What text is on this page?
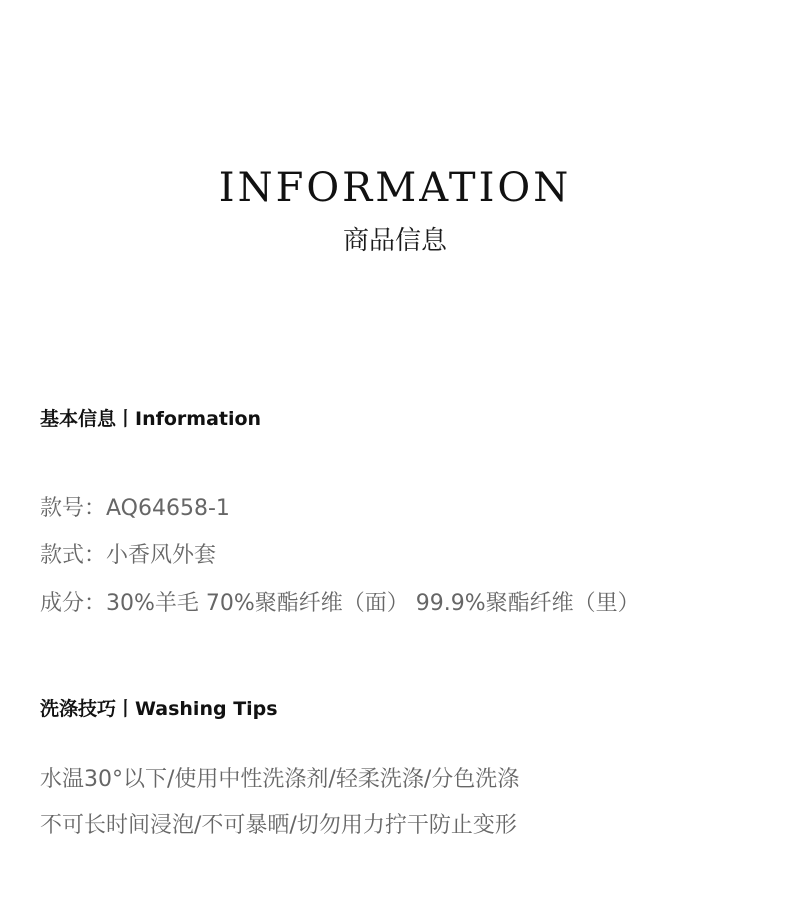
INFORMATION
商品信息
基本信息丨Information
款号：AQ64658-1
款式：小香风外套
成分：30%羊毛 70%聚酯纤维（面） 99.9%聚酯纤维（里）
洗涤技巧丨Washing Tips
水温30°以下/使用中性洗涤剂/轻柔洗涤/分色洗涤
不可长时间浸泡/不可暴晒/切勿用力拧干防止变形
